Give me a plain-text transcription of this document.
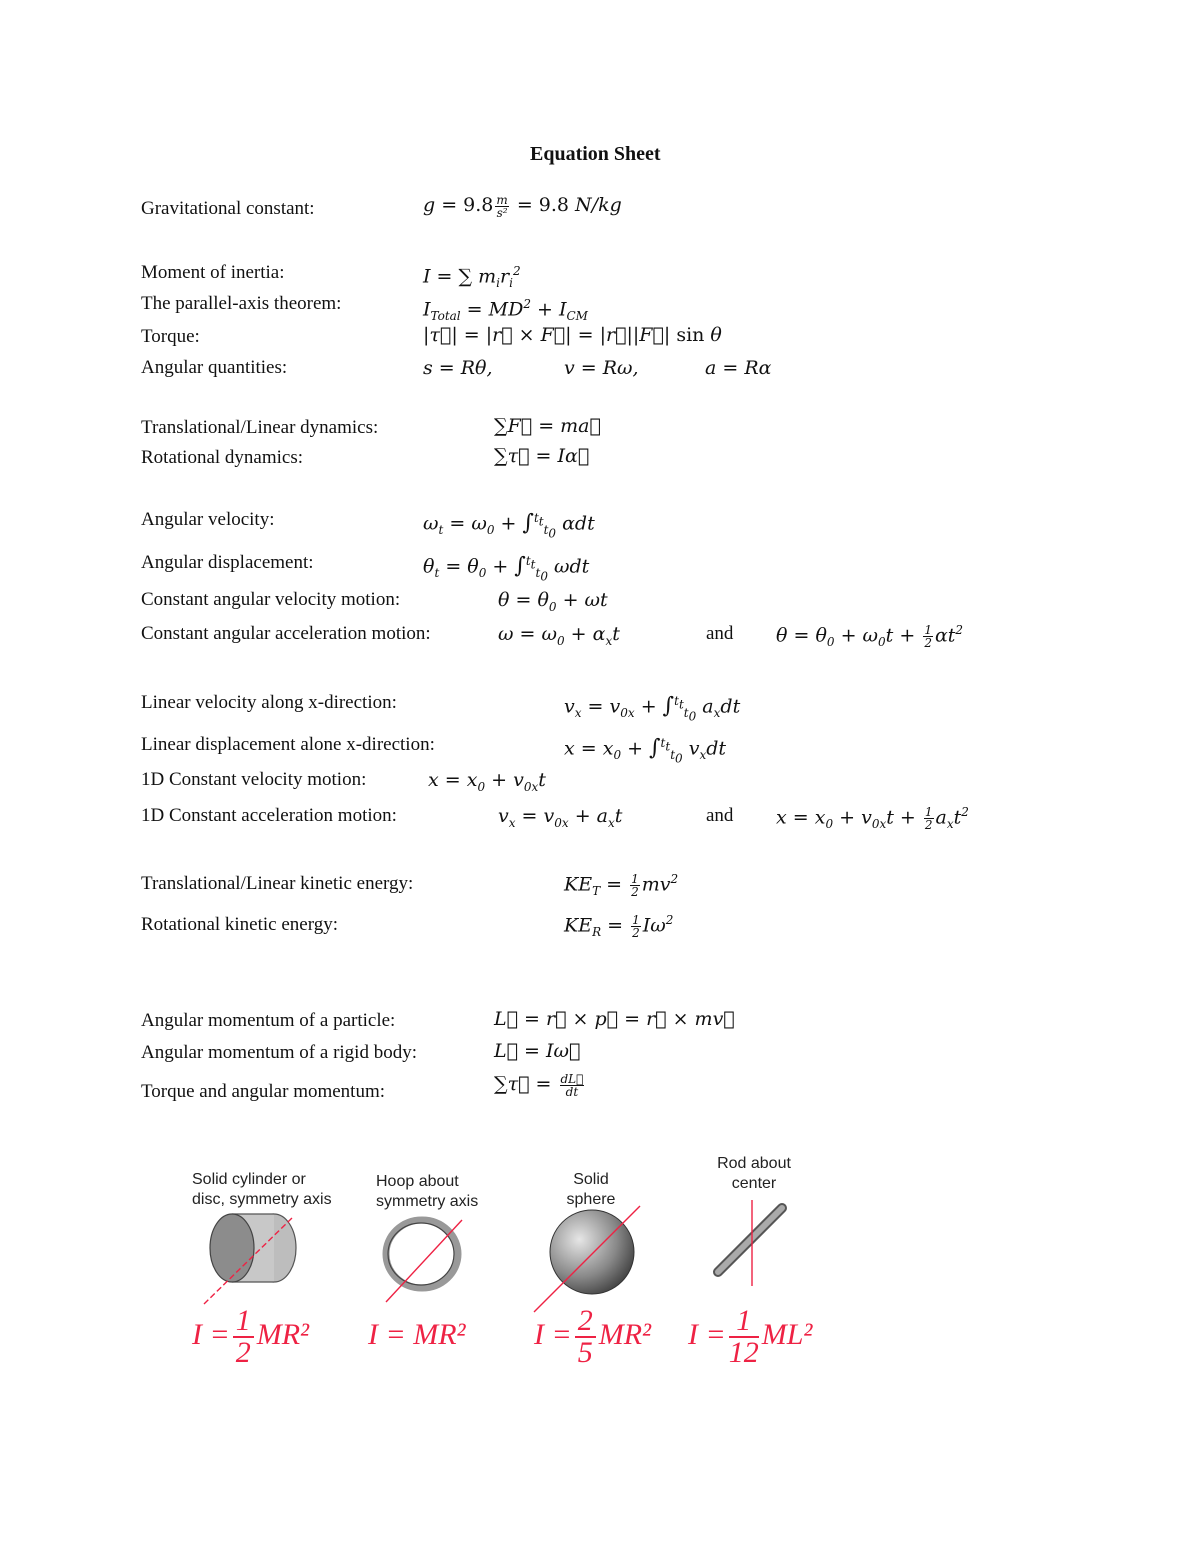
Equation Sheet
Gravitational constant:	$g = 9.8 \frac{m}{\text{s²}} = 9.8$ N/kg
Moment of inertia:	I = ∑ $m_ir_i^2$
The parallel-axis theorem:	$I_{Total} = MD^2 + I_{CM}$
Torque:	|τ⃗| = |r⃗ × F⃗| = |r⃗||F⃗| sin θ
Angular quantities:	s = Rθ,	v = Rω,	a = Rα
Translational/Linear dynamics:	∑F⃗ = ma⃗
Rotational dynamics:	∑τ⃗ = Iα⃗
Angular velocity:	$\omega_t = \omega_0 + \int^{t_t}_{t_0}$ αdt
Angular displacement:	$\theta_t = \theta_0 + \int^{t_t}_{t_0}$ ωdt
Constant angular velocity motion:	$\theta = \theta_0 + \omega t$
Constant angular acceleration motion:	$\omega = \omega_0 + \alpha_xt$	and $\theta = \theta_0 + \omega_0t + \frac{1}{2} \alpha t^2$
Linear velocity along x-direction:	$v_x = v_{0x} + \int^{t_t}_{t_0}$ $a_xdt$
Linear displacement alone x-direction:	$x = x_0 + \int^{t_t}_{t_0}$ $v_xdt$
1D Constant velocity motion:	$x = x_0 + v_{0x}t$
1D Constant acceleration motion:	$v_x = v_{0x} + a_xt$	and $x = x_0 + v_{0x}t + \frac{1}{2} a_xt^2$
Translational/Linear kinetic energy:	$KE_T = \frac{1}{2} mv^2$
Rotational kinetic energy:	$KE_R = \frac{1}{2} I\omega^2$
Angular momentum of a particle:	L⃗ = r⃗ × p⃗ = r⃗ × mv⃗
Angular momentum of a rigid body:	L⃗ = Iω⃗
Torque and angular momentum:	∑τ⃗ = $\frac{dL⃗}{dt}$
Solid cylinder or
disc, symmetry axis
Hoop about
symmetry axis
Solid
sphere
Rod about
center
$I = \frac{1}{2} MR^2$ I = MR² $I = \frac{2}{5} MR^2$ $I = \frac{1}{12} ML^2$
